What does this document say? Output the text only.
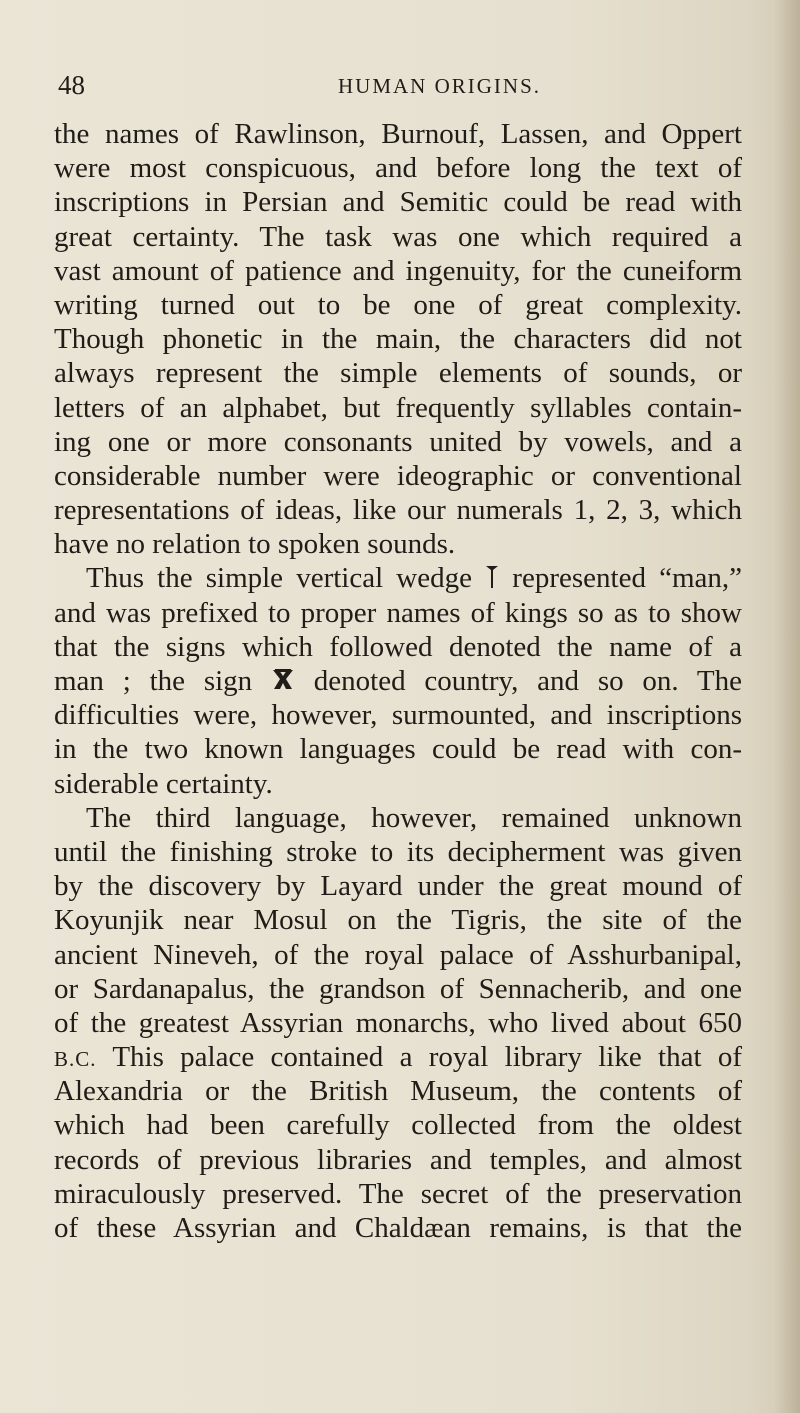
48	HUMAN ORIGINS.
the names of Rawlinson, Burnouf, Lassen, and Oppert
were most conspicuous, and before long the text of
inscriptions in Persian and Semitic could be read with
great certainty. The task was one which required a
vast amount of patience and ingenuity, for the cuneiform
writing turned out to be one of great complexity.
Though phonetic in the main, the characters did not
always represent the simple elements of sounds, or
letters of an alphabet, but frequently syllables contain-
ing one or more consonants united by vowels, and a
considerable number were ideographic or conventional
representations of ideas, like our numerals 1, 2, 3, which
have no relation to spoken sounds.
Thus the simple vertical wedge represented “man,”
and was prefixed to proper names of kings so as to show
that the signs which followed denoted the name of a
man ; the sign denoted country, and so on. The
difficulties were, however, surmounted, and inscriptions
in the two known languages could be read with con-
siderable certainty.
The third language, however, remained unknown
until the finishing stroke to its decipherment was given
by the discovery by Layard under the great mound of
Koyunjik near Mosul on the Tigris, the site of the
ancient Nineveh, of the royal palace of Asshurbanipal,
or Sardanapalus, the grandson of Sennacherib, and one
of the greatest Assyrian monarchs, who lived about 650
B.C. This palace contained a royal library like that of
Alexandria or the British Museum, the contents of
which had been carefully collected from the oldest
records of previous libraries and temples, and almost
miraculously preserved. The secret of the preservation
of these Assyrian and Chaldæan remains, is that the
